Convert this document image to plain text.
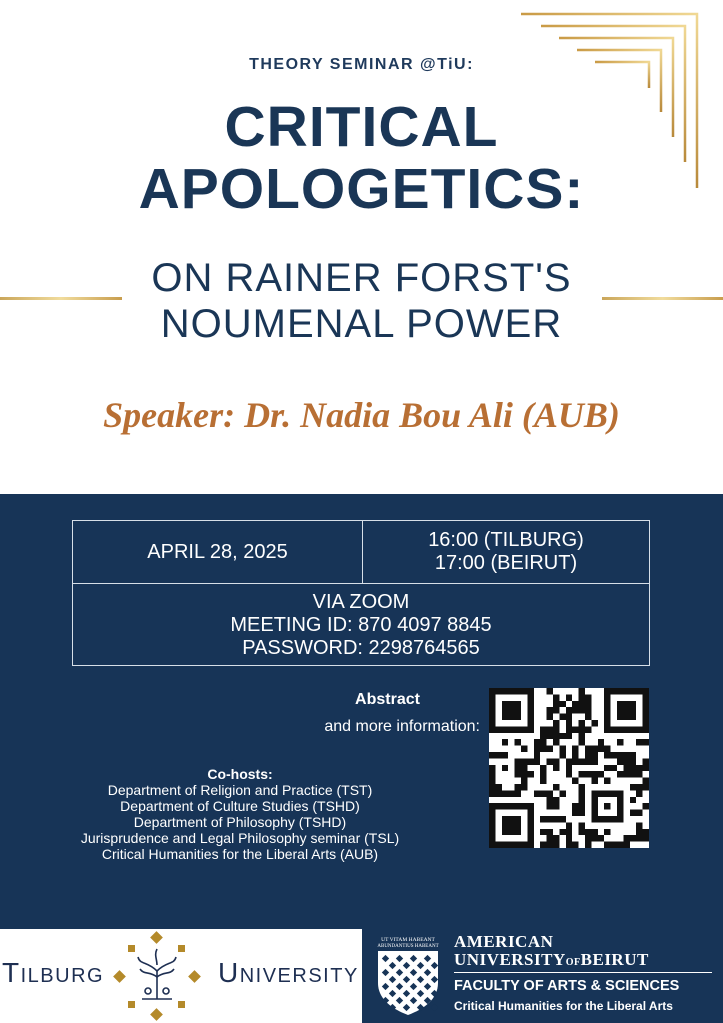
THEORY SEMINAR @TiU:
CRITICAL
APOLOGETICS:
ON RAINER FORST'S
NOUMENAL POWER
Speaker: Dr. Nadia Bou Ali (AUB)
APRIL 28, 2025
16:00 (TILBURG)
17:00 (BEIRUT)
VIA ZOOM
MEETING ID: 870 4097 8845
PASSWORD: 2298764565
Abstract
and more information:
Co-hosts:
Department of Religion and Practice (TST)
Department of Culture Studies (TSHD)
Department of Philosophy (TSHD)
Jurisprudence and Legal Philosophy seminar (TSL)
Critical Humanities for the Liberal Arts (AUB)
Tilburg	University
UT VITAM HABEANT
ABUNDANTIUS HABEANT AMERICAN
UNIVERSITYOFBEIRUT
FACULTY OF ARTS & SCIENCES
Critical Humanities for the Liberal Arts
